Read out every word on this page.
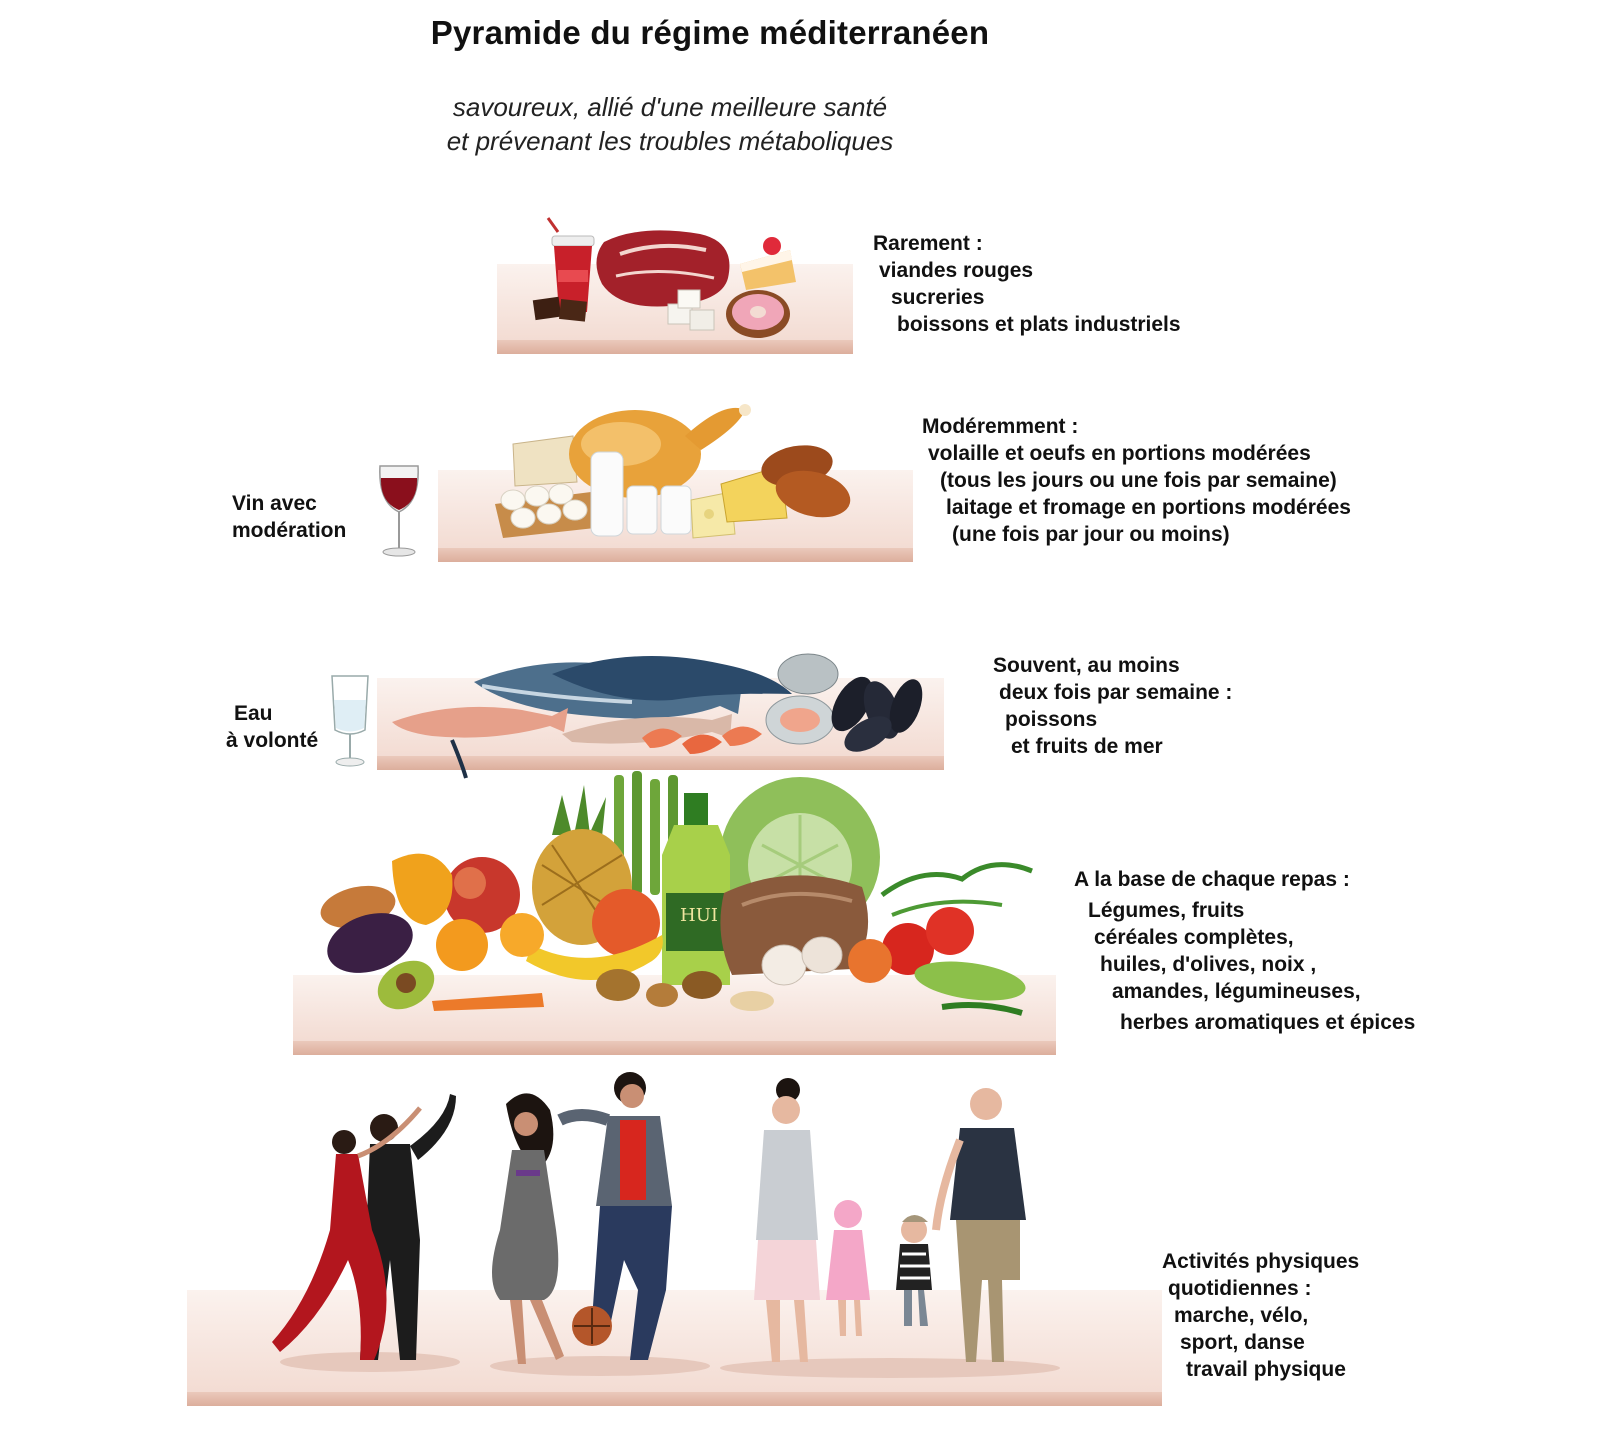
Pyramide du régime méditerranéen
savoureux, allié d'une meilleure santé
et prévenant les troubles métaboliques
Rarement :
viandes rouges
sucreries
boissons et plats industriels
Vin avec
modération
Modéremment :
volaille et oeufs en portions modérées
(tous les jours ou une fois par semaine)
laitage et fromage en portions modérées
(une fois par jour ou moins)
Eau
à volonté
Souvent, au moins
deux fois par semaine :
poissons
et fruits de mer
HUI
A la base de chaque repas :
Légumes, fruits
céréales complètes,
huiles, d'olives, noix ,
amandes, légumineuses,
herbes aromatiques et épices
Activités physiques
quotidiennes :
marche, vélo,
sport, danse
travail physique
